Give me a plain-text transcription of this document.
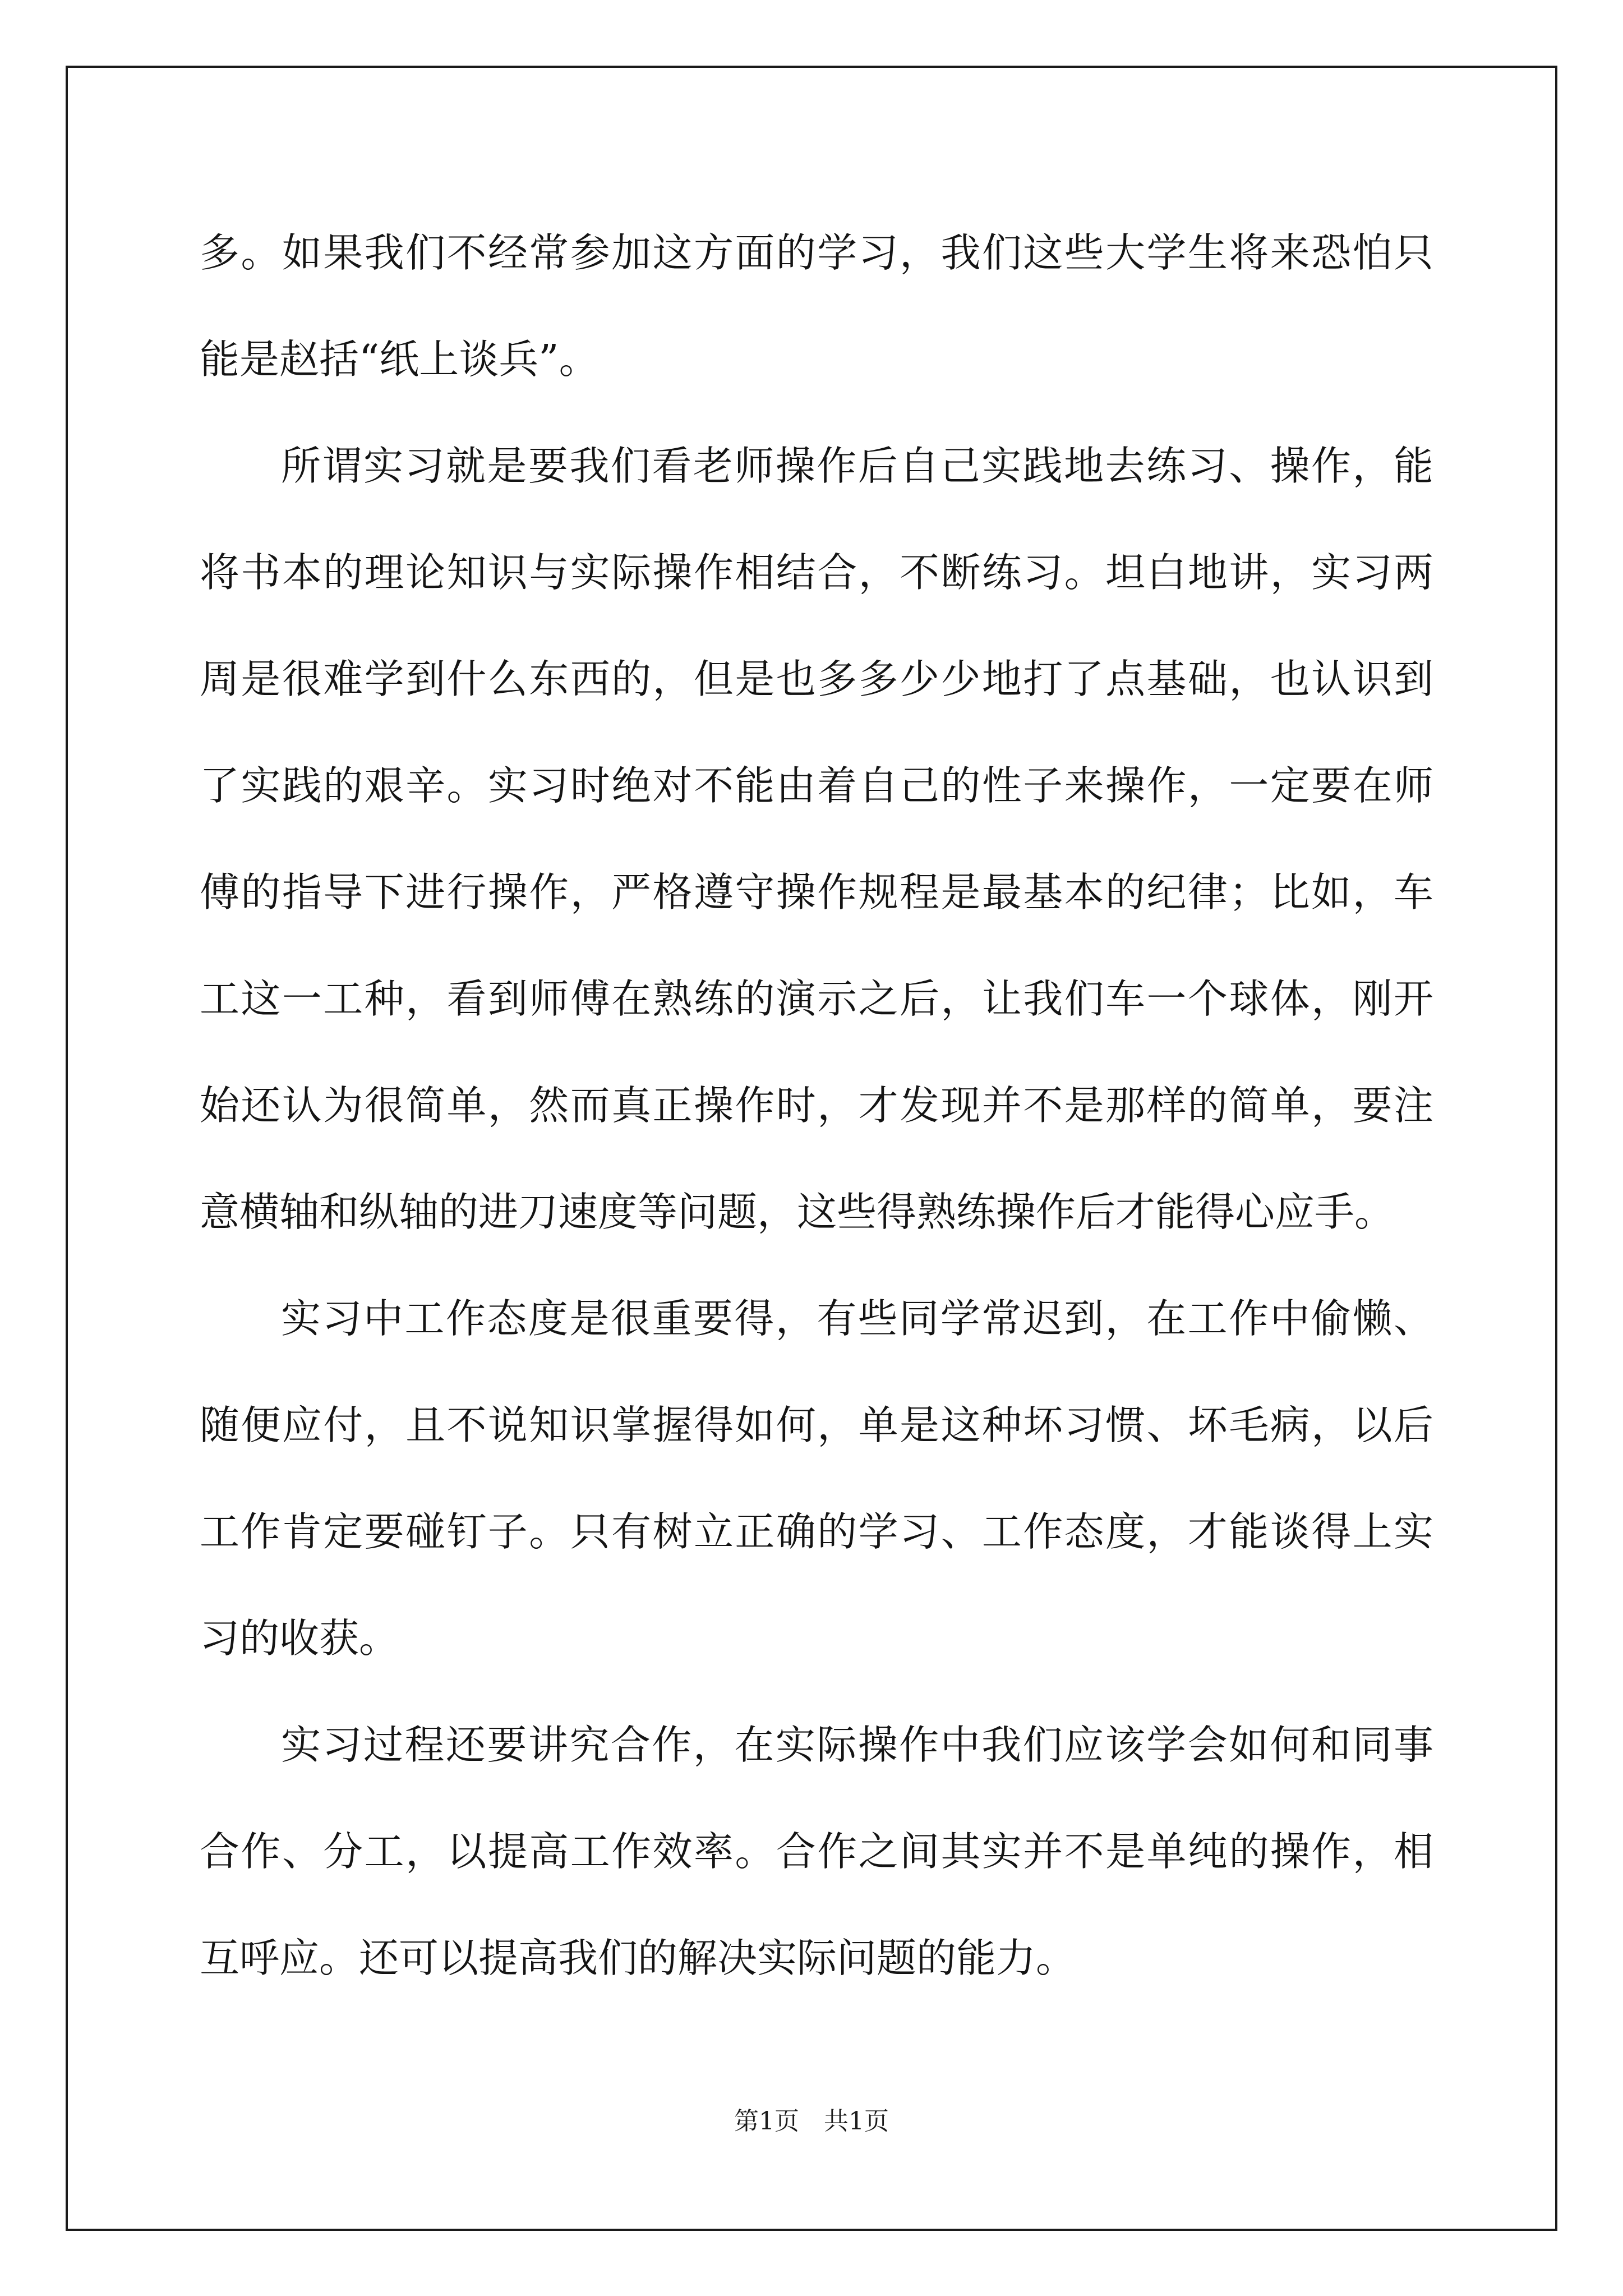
多。如果我们不经常参加这方面的学习，我们这些大学生将来恐怕只
能是赵括“纸上谈兵”。
所谓实习就是要我们看老师操作后自己实践地去练习、操作，能
将书本的理论知识与实际操作相结合，不断练习。坦白地讲，实习两
周是很难学到什么东西的，但是也多多少少地打了点基础，也认识到
了实践的艰辛。实习时绝对不能由着自己的性子来操作，一定要在师
傅的指导下进行操作，严格遵守操作规程是最基本的纪律；比如，车
工这一工种，看到师傅在熟练的演示之后，让我们车一个球体，刚开
始还认为很简单，然而真正操作时，才发现并不是那样的简单，要注
意横轴和纵轴的进刀速度等问题，这些得熟练操作后才能得心应手。
实习中工作态度是很重要得，有些同学常迟到，在工作中偷懒、
随便应付，且不说知识掌握得如何，单是这种坏习惯、坏毛病，以后
工作肯定要碰钉子。只有树立正确的学习、工作态度，才能谈得上实
习的收获。
实习过程还要讲究合作，在实际操作中我们应该学会如何和同事
合作、分工，以提高工作效率。合作之间其实并不是单纯的操作，相
互呼应。还可以提高我们的解决实际问题的能力。
第1页　共1页
